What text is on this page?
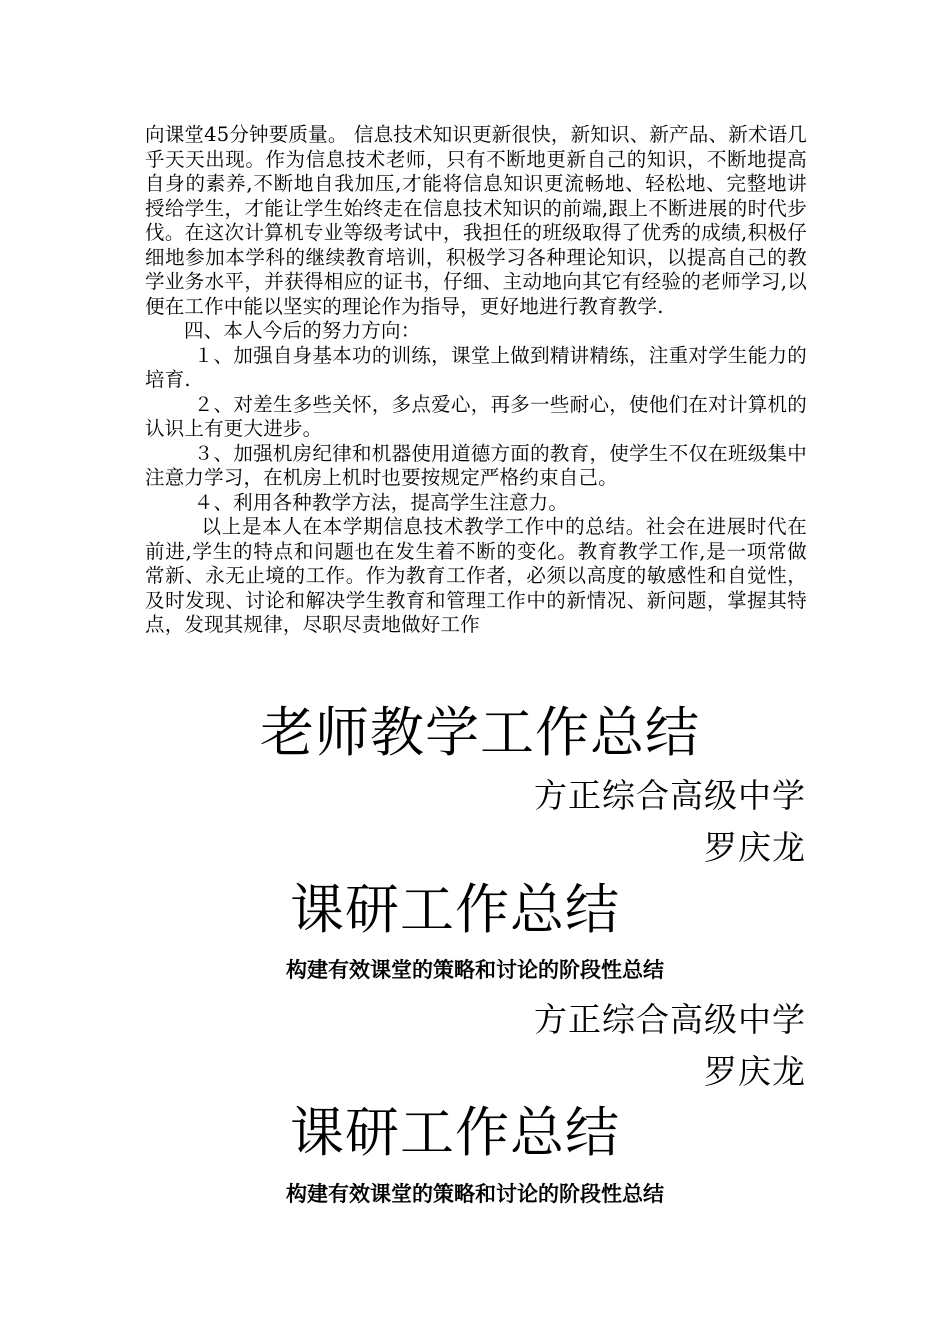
向课堂45分钟要质量。 信息技术知识更新很快，新知识、新产品、新术语几乎天天出现。作为信息技术老师，只有不断地更新自己的知识，不断地提高自身的素养,不断地自我加压,才能将信息知识更流畅地、轻松地、完整地讲授给学生，才能让学生始终走在信息技术知识的前端,跟上不断进展的时代步伐。在这次计算机专业等级考试中，我担任的班级取得了优秀的成绩,积极仔细地参加本学科的继续教育培训，积极学习各种理论知识，以提高自己的教学业务水平，并获得相应的证书，仔细、主动地向其它有经验的老师学习,以便在工作中能以坚实的理论作为指导，更好地进行教育教学.

四、本人今后的努力方向：

１、加强自身基本功的训练，课堂上做到精讲精练，注重对学生能力的培育.

２、对差生多些关怀，多点爱心，再多一些耐心，使他们在对计算机的认识上有更大进步。

３、加强机房纪律和机器使用道德方面的教育，使学生不仅在班级集中注意力学习，在机房上机时也要按规定严格约束自己。

４、利用各种教学方法，提高学生注意力。

以上是本人在本学期信息技术教学工作中的总结。社会在进展时代在前进,学生的特点和问题也在发生着不断的变化。教育教学工作,是一项常做常新、永无止境的工作。作为教育工作者，必须以高度的敏感性和自觉性，及时发现、讨论和解决学生教育和管理工作中的新情况、新问题，掌握其特点，发现其规律，尽职尽责地做好工作

老师教学工作总结
方正综合高级中学
罗庆龙
课研工作总结
构建有效课堂的策略和讨论的阶段性总结
方正综合高级中学
罗庆龙
课研工作总结
构建有效课堂的策略和讨论的阶段性总结
